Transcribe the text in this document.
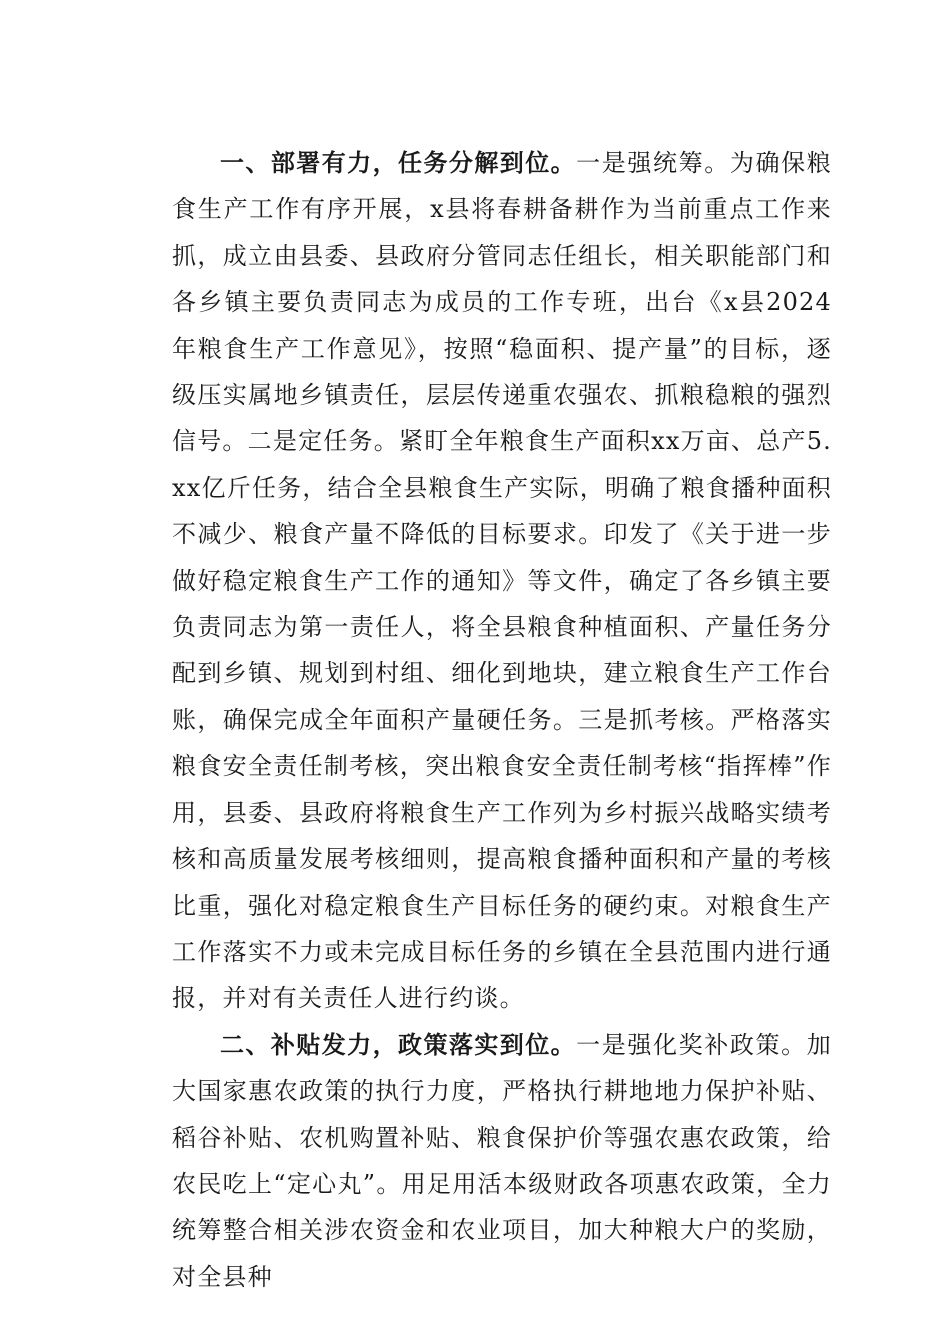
一、部署有力，任务分解到位。一是强统筹。为确保粮食生产工作有序开展，x县将春耕备耕作为当前重点工作来抓，成立由县委、县政府分管同志任组长，相关职能部门和各乡镇主要负责同志为成员的工作专班，出台《x县2024年粮食生产工作意见》，按照“稳面积、提产量”的目标，逐级压实属地乡镇责任，层层传递重农强农、抓粮稳粮的强烈信号。二是定任务。紧盯全年粮食生产面积xx万亩、总产5.xx亿斤任务，结合全县粮食生产实际，明确了粮食播种面积不减少、粮食产量不降低的目标要求。印发了《关于进一步做好稳定粮食生产工作的通知》等文件，确定了各乡镇主要负责同志为第一责任人，将全县粮食种植面积、产量任务分配到乡镇、规划到村组、细化到地块，建立粮食生产工作台账，确保完成全年面积产量硬任务。三是抓考核。严格落实粮食安全责任制考核，突出粮食安全责任制考核“指挥棒”作用，县委、县政府将粮食生产工作列为乡村振兴战略实绩考核和高质量发展考核细则，提高粮食播种面积和产量的考核比重，强化对稳定粮食生产目标任务的硬约束。对粮食生产工作落实不力或未完成目标任务的乡镇在全县范围内进行通报，并对有关责任人进行约谈。

二、补贴发力，政策落实到位。一是强化奖补政策。加大国家惠农政策的执行力度，严格执行耕地地力保护补贴、稻谷补贴、农机购置补贴、粮食保护价等强农惠农政策，给农民吃上“定心丸”。用足用活本级财政各项惠农政策，全力统筹整合相关涉农资金和农业项目，加大种粮大户的奖励，对全县种
